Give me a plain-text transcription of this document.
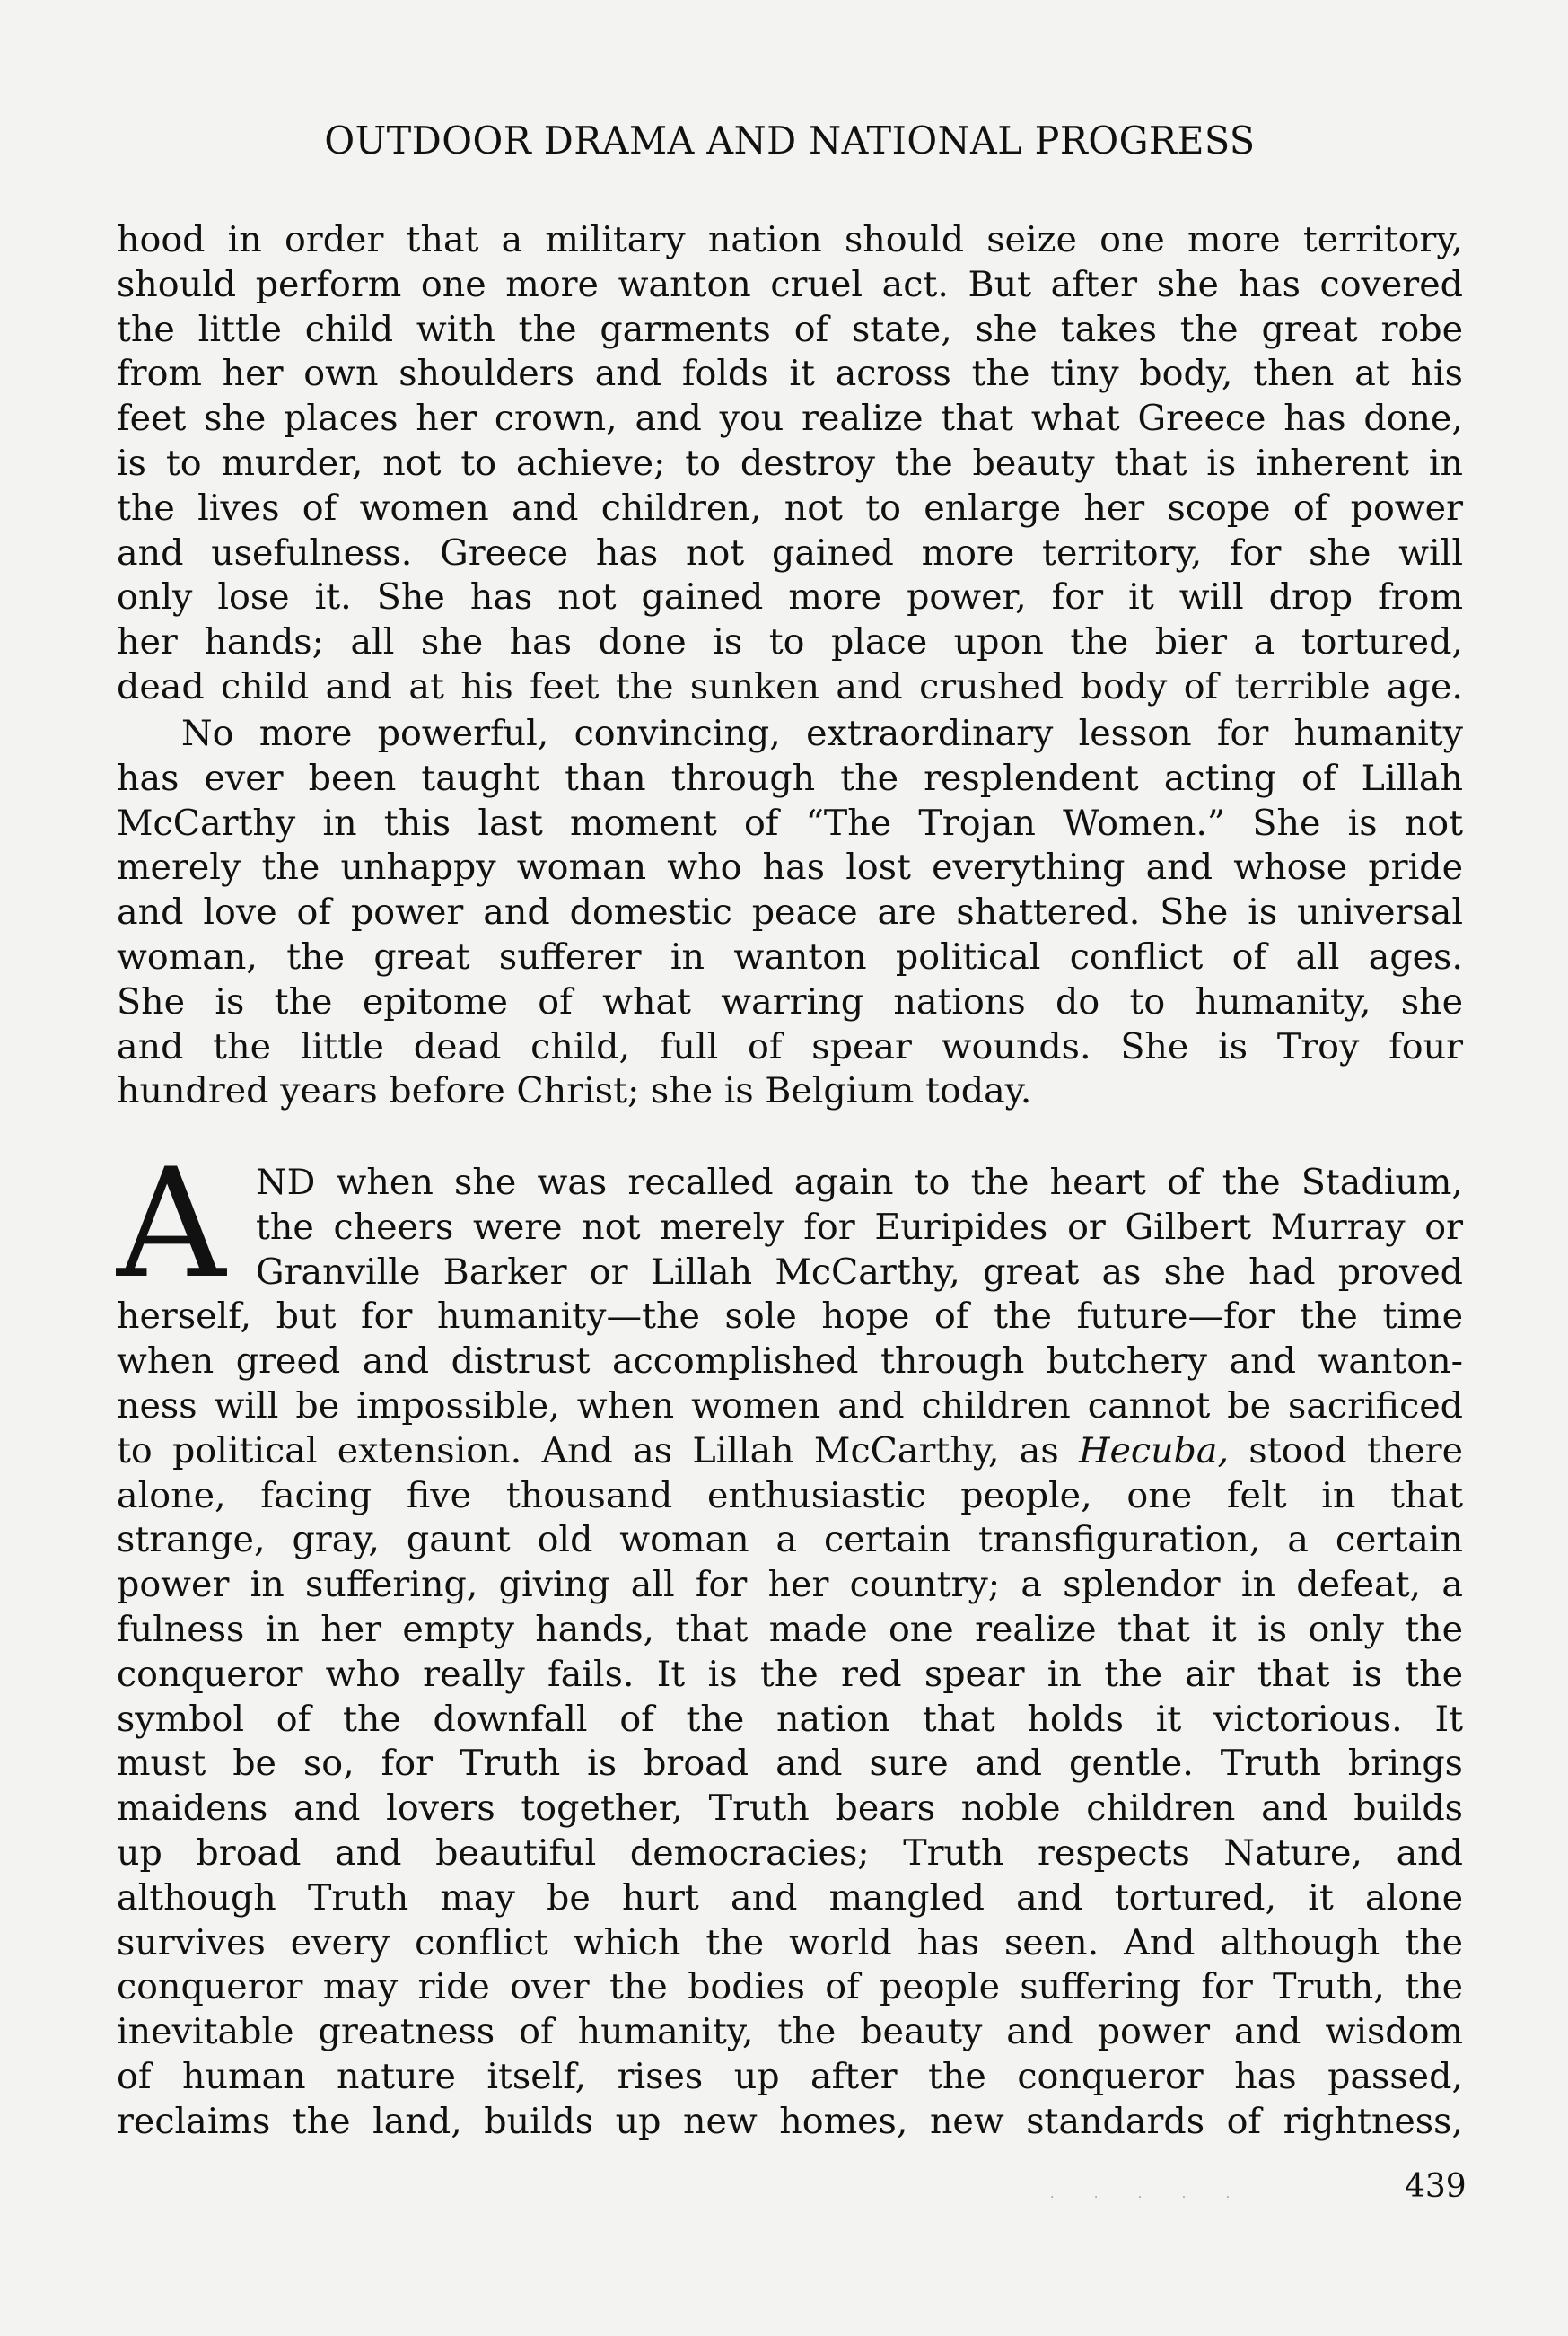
OUTDOOR DRAMA AND NATIONAL PROGRESS
hood in order that a military nation should seize one more territory,
should perform one more wanton cruel act. But after she has covered
the little child with the garments of state, she takes the great robe
from her own shoulders and folds it across the tiny body, then at his
feet she places her crown, and you realize that what Greece has done,
is to murder, not to achieve; to destroy the beauty that is inherent in
the lives of women and children, not to enlarge her scope of power
and usefulness. Greece has not gained more territory, for she will
only lose it. She has not gained more power, for it will drop from
her hands; all she has done is to place upon the bier a tortured,
dead child and at his feet the sunken and crushed body of terrible age.
No more powerful, convincing, extraordinary lesson for humanity
has ever been taught than through the resplendent acting of Lillah
McCarthy in this last moment of “The Trojan Women.” She is not
merely the unhappy woman who has lost everything and whose pride
and love of power and domestic peace are shattered. She is universal
woman, the great sufferer in wanton political conflict of all ages.
She is the epitome of what warring nations do to humanity, she
and the little dead child, full of spear wounds. She is Troy four
hundred years before Christ; she is Belgium today.
A ND when she was recalled again to the heart of the Stadium,
the cheers were not merely for Euripides or Gilbert Murray or
Granville Barker or Lillah McCarthy, great as she had proved
herself, but for humanity—the sole hope of the future—for the time
when greed and distrust accomplished through butchery and wanton-
ness will be impossible, when women and children cannot be sacrificed
to political extension. And as Lillah McCarthy, as Hecuba, stood there
alone, facing five thousand enthusiastic people, one felt in that
strange, gray, gaunt old woman a certain transfiguration, a certain
power in suffering, giving all for her country; a splendor in defeat, a
fulness in her empty hands, that made one realize that it is only the
conqueror who really fails. It is the red spear in the air that is the
symbol of the downfall of the nation that holds it victorious. It
must be so, for Truth is broad and sure and gentle. Truth brings
maidens and lovers together, Truth bears noble children and builds
up broad and beautiful democracies; Truth respects Nature, and
although Truth may be hurt and mangled and tortured, it alone
survives every conflict which the world has seen. And although the
conqueror may ride over the bodies of people suffering for Truth, the
inevitable greatness of humanity, the beauty and power and wisdom
of human nature itself, rises up after the conqueror has passed,
reclaims the land, builds up new homes, new standards of rightness,
· · · · ·	439
